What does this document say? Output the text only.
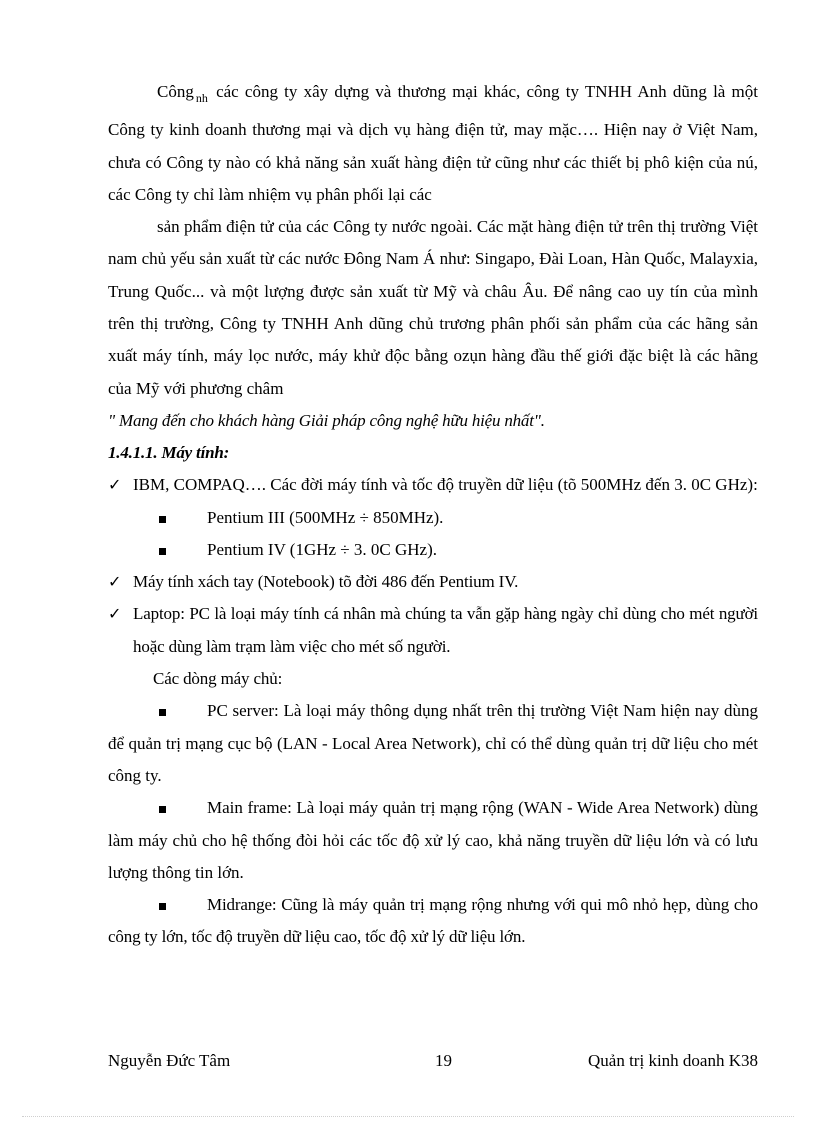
Công $_{nh}$ các công ty xây dựng và thương mại khác, công ty TNHH Anh dũng là một Công ty kinh doanh thương mại và dịch vụ hàng điện tử, may mặc…. Hiện nay ở Việt Nam, chưa có Công ty nào có khả năng sản xuất hàng điện tử cũng như các thiết bị phô kiện của nú, các Công ty chỉ làm nhiệm vụ phân phối lại các

sản phẩm điện tử của các Công ty nước ngoài. Các mặt hàng điện tử trên thị trường Việt nam chủ yếu sản xuất từ các nước Đông Nam Á như: Singapo, Đài Loan, Hàn Quốc, Malayxia, Trung Quốc... và một lượng được sản xuất từ Mỹ và châu Âu. Để nâng cao uy tín của mình trên thị trường, Công ty TNHH Anh dũng chủ trương phân phối sản phẩm của các hãng sản xuất máy tính, máy lọc nước, máy khử độc bằng ozụn hàng đầu thế giới đặc biệt là các hãng của Mỹ với phương châm
" Mang đến cho khách hàng Giải pháp công nghệ hữu hiệu nhất".

1.4.1.1. Máy tính:

✓ IBM, COMPAQ…. Các đời máy tính và tốc độ truyền dữ liệu (tõ 500MHz đến 3. 0C GHz):
Pentium III (500MHz ÷ 850MHz).
Pentium IV (1GHz ÷ 3. 0C GHz).
✓ Máy tính xách tay (Notebook) tõ đời 486 đến Pentium IV.
✓ Laptop: PC là loại máy tính cá nhân mà chúng ta vẫn gặp hàng ngày chỉ dùng cho mét người hoặc dùng làm trạm làm việc cho mét số người.
Các dòng máy chủ:

PC server: Là loại máy thông dụng nhất trên thị trường Việt Nam hiện nay dùng để quản trị mạng cục bộ (LAN - Local Area Network), chỉ có thể dùng quản trị dữ liệu cho mét công ty.

Main frame: Là loại máy quản trị mạng rộng (WAN - Wide Area Network) dùng làm máy chủ cho hệ thống đòi hỏi các tốc độ xử lý cao, khả năng truyền dữ liệu lớn và có lưu lượng thông tin lớn.

Midrange: Cũng là máy quản trị mạng rộng nhưng với qui mô nhỏ hẹp, dùng cho công ty lớn, tốc độ truyền dữ liệu cao, tốc độ xử lý dữ liệu lớn.

Nguyễn Đức Tâm	19	Quản trị kinh doanh K38
